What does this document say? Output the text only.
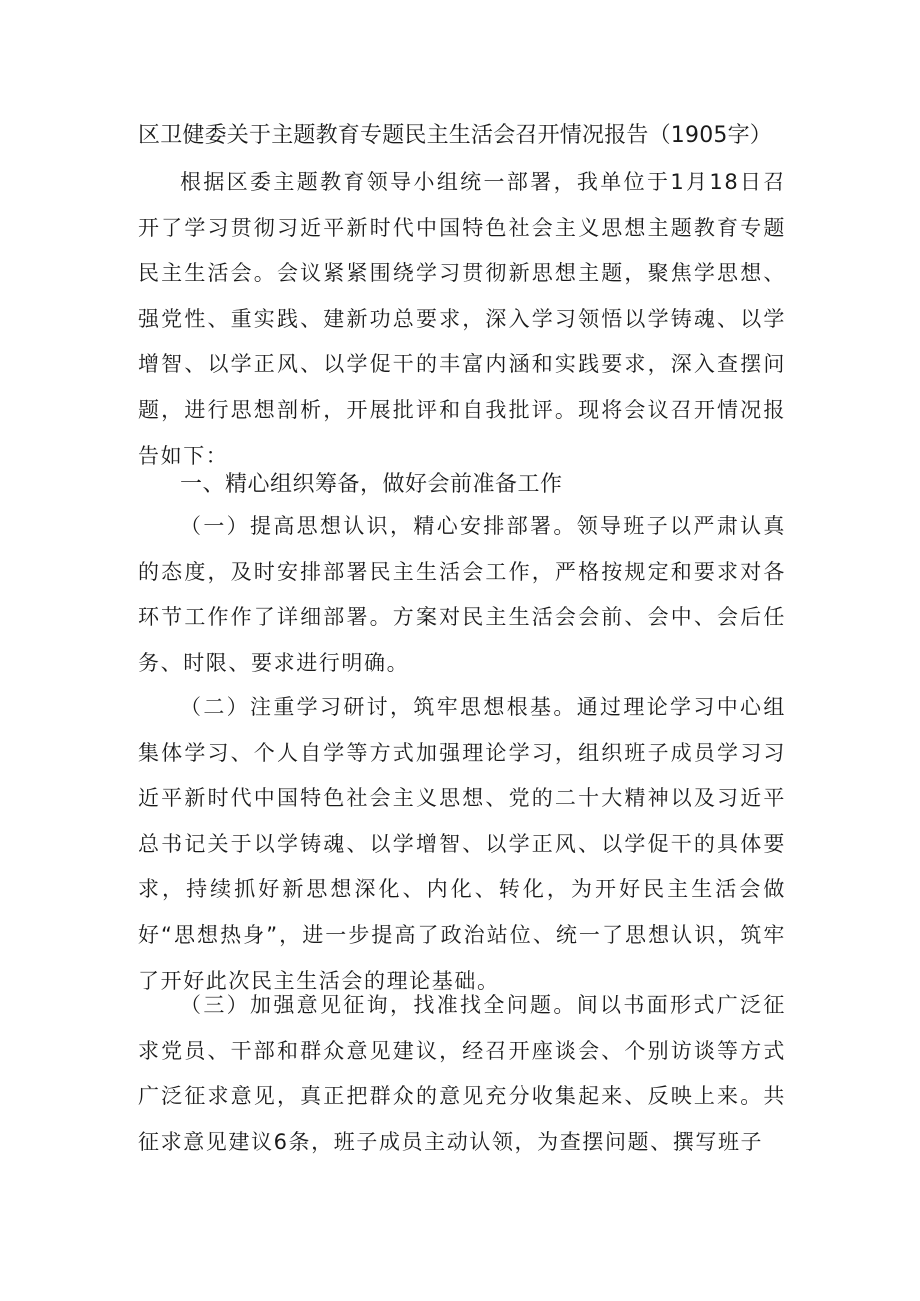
区卫健委关于主题教育专题民主生活会召开情况报告（1905字）

根据区委主题教育领导小组统一部署，我单位于1月18日召开了学习贯彻习近平新时代中国特色社会主义思想主题教育专题民主生活会。会议紧紧围绕学习贯彻新思想主题，聚焦学思想、强党性、重实践、建新功总要求，深入学习领悟以学铸魂、以学增智、以学正风、以学促干的丰富内涵和实践要求，深入查摆问题，进行思想剖析，开展批评和自我批评。现将会议召开情况报告如下：

一、精心组织筹备，做好会前准备工作

（一）提高思想认识，精心安排部署。领导班子以严肃认真的态度，及时安排部署民主生活会工作，严格按规定和要求对各环节工作作了详细部署。方案对民主生活会会前、会中、会后任务、时限、要求进行明确。

（二）注重学习研讨，筑牢思想根基。通过理论学习中心组集体学习、个人自学等方式加强理论学习，组织班子成员学习习近平新时代中国特色社会主义思想、党的二十大精神以及习近平总书记关于以学铸魂、以学增智、以学正风、以学促干的具体要求，持续抓好新思想深化、内化、转化，为开好民主生活会做好“思想热身”，进一步提高了政治站位、统一了思想认识，筑牢了开好此次民主生活会的理论基础。

（三）加强意见征询，找准找全问题。间以书面形式广泛征求党员、干部和群众意见建议，经召开座谈会、个别访谈等方式广泛征求意见，真正把群众的意见充分收集起来、反映上来。共征求意见建议6条，班子成员主动认领，为查摆问题、撰写班子
